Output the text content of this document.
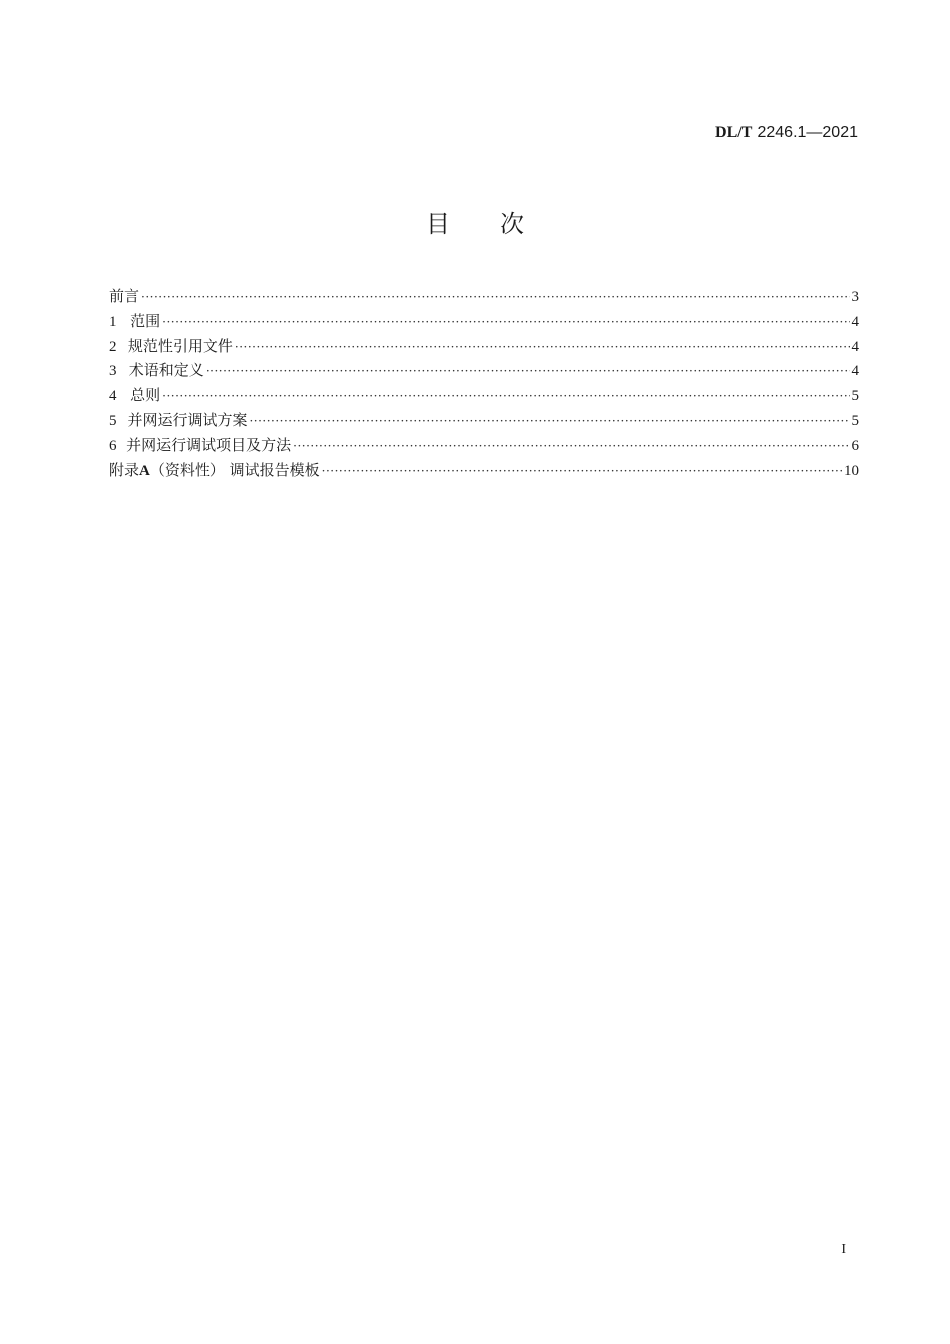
DL/T 2246.1—2021
目 次
前言 ·····	3
1 范围 ·····	4
2 规范性引用文件 ·····	4
3 术语和定义 ·····	4
4 总则 ·····	5
5 并网运行调试方案 ·····	5
6 并网运行调试项目及方法 ·····	6
附录A（资料性） 调试报告模板 ·····	10
I
